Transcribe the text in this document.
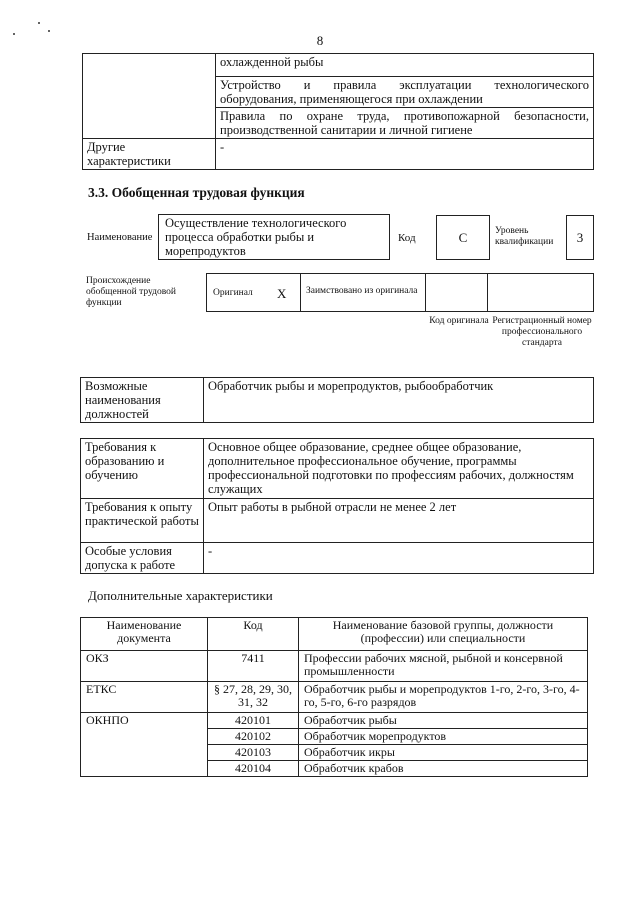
8
	охлажденной рыбы
	Устройство и правила эксплуатации технологического оборудования, применяющегося при охлаждении
	Правила по охране труда, противопожарной безопасности, производственной санитарии и личной гигиене
Другие характеристики	-
3.3. Обобщенная трудовая функция
Наименование
Осуществление технологического процесса обработки рыбы и морепродуктов
Код	С	Уровень квалификации	3
Происхождение обобщенной трудовой функции
Оригинал Х	Заимствовано из оригинала
Код оригинала Регистрационный номер профессионального стандарта
Возможные наименования должностей	Обработчик рыбы и морепродуктов, рыбообработчик
Требования к образованию и обучению	Основное общее образование, среднее общее образование, дополнительное профессиональное обучение, программы профессиональной подготовки по профессиям рабочих, должностям служащих
Требования к опыту практической работы	Опыт работы в рыбной отрасли не менее 2 лет
Особые условия допуска к работе	-
Дополнительные характеристики
Наименование документа	Код	Наименование базовой группы, должности (профессии) или специальности
ОКЗ	7411	Профессии рабочих мясной, рыбной и консервной промышленности
ЕТКС	§ 27, 28, 29, 30, 31, 32	Обработчик рыбы и морепродуктов 1-го, 2-го, 3-го, 4-го, 5-го, 6-го разрядов
ОКНПО	420101	Обработчик рыбы
	420102	Обработчик морепродуктов
	420103	Обработчик икры
	420104	Обработчик крабов
